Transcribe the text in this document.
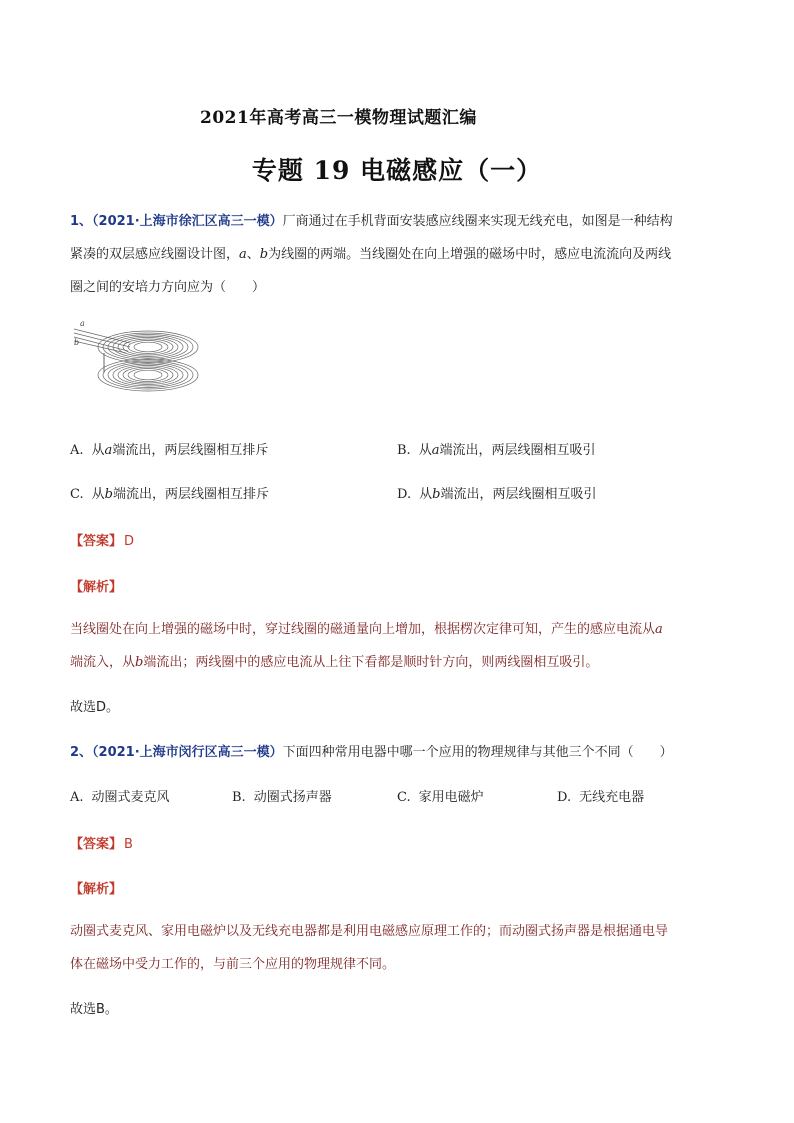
2021年高考高三一模物理试题汇编
专题 19 电磁感应（一）
1、（2021·上海市徐汇区高三一模）厂商通过在手机背面安装感应线圈来实现无线充电，如图是一种结构
紧凑的双层感应线圈设计图，a、b为线圈的两端。当线圈处在向上增强的磁场中时，感应电流流向及两线
圈之间的安培力方向应为（　　）
a
b
A. 从a端流出，两层线圈相互排斥	B. 从a端流出，两层线圈相互吸引
C. 从b端流出，两层线圈相互排斥	D. 从b端流出，两层线圈相互吸引
【答案】 D
【解析】
当线圈处在向上增强的磁场中时，穿过线圈的磁通量向上增加，根据楞次定律可知，产生的感应电流从a
端流入，从b端流出；两线圈中的感应电流从上往下看都是顺时针方向，则两线圈相互吸引。
故选D。
2、（2021·上海市闵行区高三一模）下面四种常用电器中哪一个应用的物理规律与其他三个不同（　　）
A. 动圈式麦克风	B. 动圈式扬声器	C. 家用电磁炉	D. 无线充电器
【答案】 B
【解析】
动圈式麦克风、家用电磁炉以及无线充电器都是利用电磁感应原理工作的；而动圈式扬声器是根据通电导
体在磁场中受力工作的，与前三个应用的物理规律不同。
故选B。
